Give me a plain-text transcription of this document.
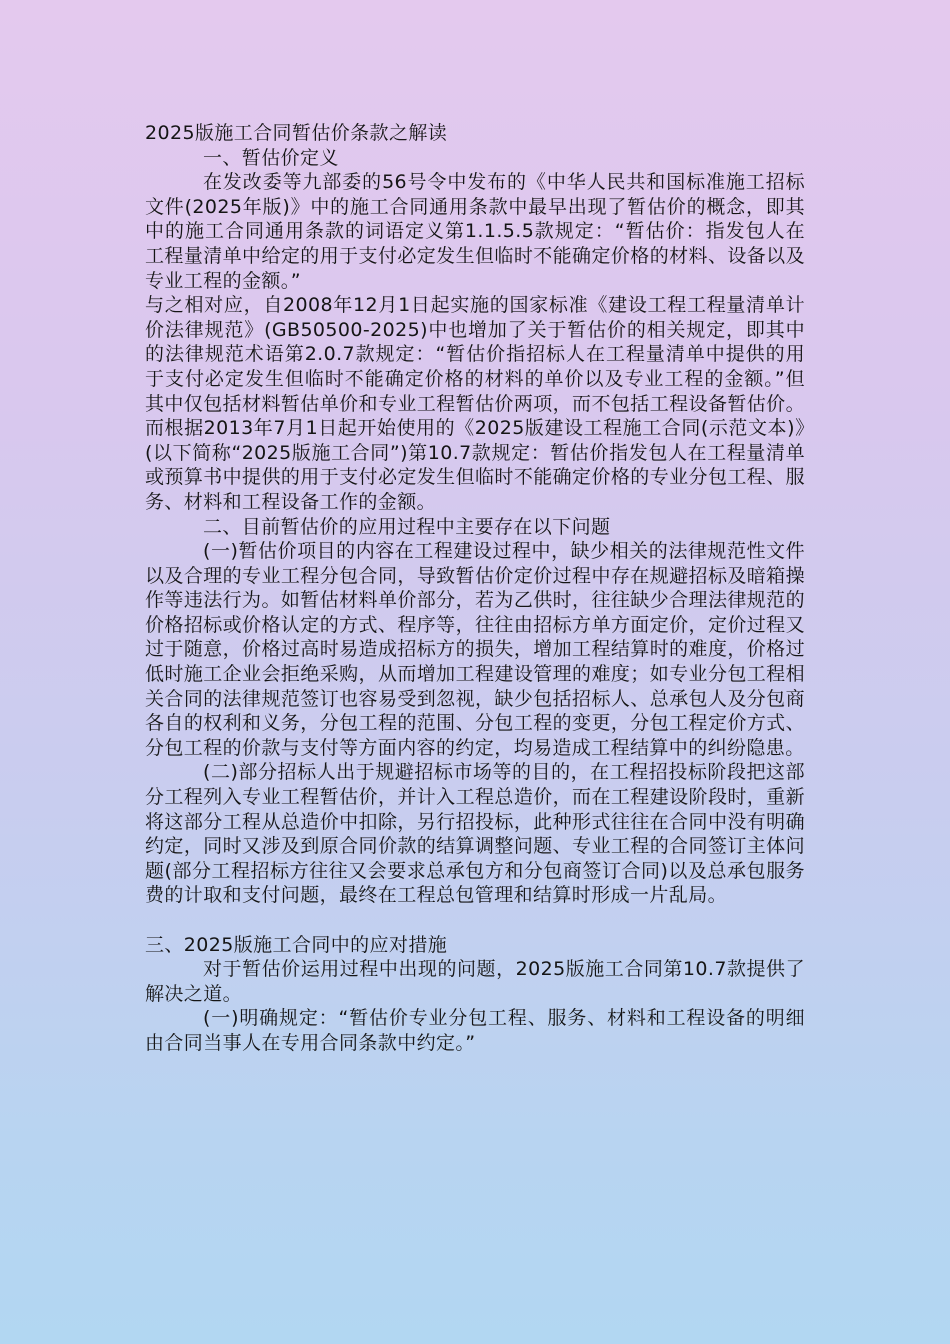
2025版施工合同暂估价条款之解读

一、暂估价定义

在发改委等九部委的56号令中发布的《中华人民共和国标准施工招标文件(2025年版)》中的施工合同通用条款中最早出现了暂估价的概念，即其中的施工合同通用条款的词语定义第1.1.5.5款规定：“暂估价：指发包人在工程量清单中给定的用于支付必定发生但临时不能确定价格的材料、设备以及专业工程的金额。”

与之相对应，自2008年12月1日起实施的国家标准《建设工程工程量清单计价法律规范》(GB50500-2025)中也增加了关于暂估价的相关规定，即其中的法律规范术语第2.0.7款规定：“暂估价指招标人在工程量清单中提供的用于支付必定发生但临时不能确定价格的材料的单价以及专业工程的金额。”但其中仅包括材料暂估单价和专业工程暂估价两项，而不包括工程设备暂估价。而根据2013年7月1日起开始使用的《2025版建设工程施工合同(示范文本)》(以下简称“2025版施工合同”)第10.7款规定：暂估价指发包人在工程量清单或预算书中提供的用于支付必定发生但临时不能确定价格的专业分包工程、服务、材料和工程设备工作的金额。

二、目前暂估价的应用过程中主要存在以下问题

(一)暂估价项目的内容在工程建设过程中，缺少相关的法律规范性文件以及合理的专业工程分包合同，导致暂估价定价过程中存在规避招标及暗箱操作等违法行为。如暂估材料单价部分，若为乙供时，往往缺少合理法律规范的价格招标或价格认定的方式、程序等，往往由招标方单方面定价，定价过程又过于随意，价格过高时易造成招标方的损失，增加工程结算时的难度，价格过低时施工企业会拒绝采购，从而增加工程建设管理的难度；如专业分包工程相关合同的法律规范签订也容易受到忽视，缺少包括招标人、总承包人及分包商各自的权利和义务，分包工程的范围、分包工程的变更，分包工程定价方式、分包工程的价款与支付等方面内容的约定，均易造成工程结算中的纠纷隐患。

(二)部分招标人出于规避招标市场等的目的，在工程招投标阶段把这部分工程列入专业工程暂估价，并计入工程总造价，而在工程建设阶段时，重新将这部分工程从总造价中扣除，另行招投标，此种形式往往在合同中没有明确约定，同时又涉及到原合同价款的结算调整问题、专业工程的合同签订主体问题(部分工程招标方往往又会要求总承包方和分包商签订合同)以及总承包服务费的计取和支付问题，最终在工程总包管理和结算时形成一片乱局。

三、2025版施工合同中的应对措施

对于暂估价运用过程中出现的问题，2025版施工合同第10.7款提供了解决之道。

(一)明确规定：“暂估价专业分包工程、服务、材料和工程设备的明细由合同当事人在专用合同条款中约定。”
